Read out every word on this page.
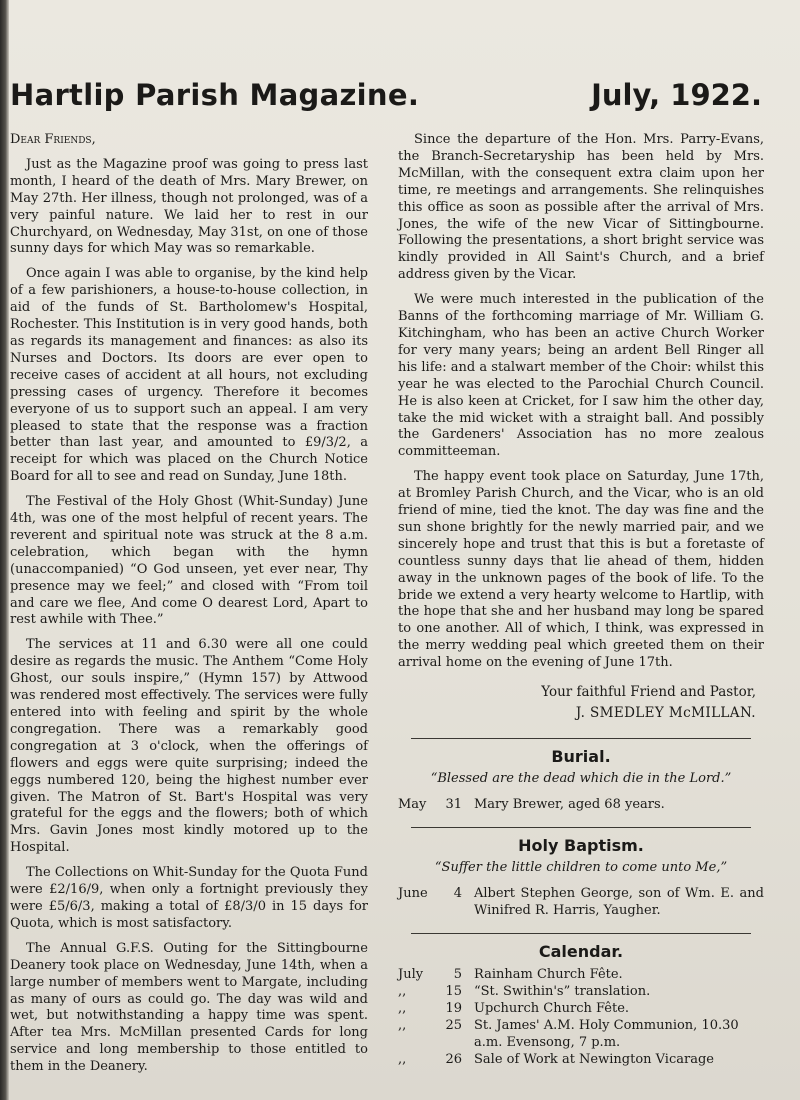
Hartlip Parish Magazine.	July, 1922.

Dear Friends,

Just as the Magazine proof was going to press last month, I heard of the death of Mrs. Mary Brewer, on May 27th. Her illness, though not prolonged, was of a very painful nature. We laid her to rest in our Churchyard, on Wednesday, May 31st, on one of those sunny days for which May was so remarkable.

Once again I was able to organise, by the kind help of a few parishioners, a house-to-house collection, in aid of the funds of St. Bartholomew's Hospital, Rochester. This Institution is in very good hands, both as regards its management and finances: as also its Nurses and Doctors. Its doors are ever open to receive cases of accident at all hours, not excluding pressing cases of urgency. Therefore it becomes everyone of us to support such an appeal. I am very pleased to state that the response was a fraction better than last year, and amounted to £9/3/2, a receipt for which was placed on the Church Notice Board for all to see and read on Sunday, June 18th.

The Festival of the Holy Ghost (Whit-Sunday) June 4th, was one of the most helpful of recent years. The reverent and spiritual note was struck at the 8 a.m. celebration, which began with the hymn (unaccompanied) “O God unseen, yet ever near, Thy presence may we feel;” and closed with “From toil and care we flee, And come O dearest Lord, Apart to rest awhile with Thee.”

The services at 11 and 6.30 were all one could desire as regards the music. The Anthem “Come Holy Ghost, our souls inspire,” (Hymn 157) by Attwood was rendered most effectively. The services were fully entered into with feeling and spirit by the whole congregation. There was a remarkably good congregation at 3 o'clock, when the offerings of flowers and eggs were quite surprising; indeed the eggs numbered 120, being the highest number ever given. The Matron of St. Bart's Hospital was very grateful for the eggs and the flowers; both of which Mrs. Gavin Jones most kindly motored up to the Hospital.

The Collections on Whit-Sunday for the Quota Fund were £2/16/9, when only a fortnight previously they were £5/6/3, making a total of £8/3/0 in 15 days for Quota, which is most satisfactory.

The Annual G.F.S. Outing for the Sittingbourne Deanery took place on Wednesday, June 14th, when a large number of members went to Margate, including as many of ours as could go. The day was wild and wet, but notwithstanding a happy time was spent. After tea Mrs. McMillan presented Cards for long service and long membership to those entitled to them in the Deanery.

Since the departure of the Hon. Mrs. Parry-Evans, the Branch-Secretaryship has been held by Mrs. McMillan, with the consequent extra claim upon her time, re meetings and arrangements. She relinquishes this office as soon as possible after the arrival of Mrs. Jones, the wife of the new Vicar of Sittingbourne. Following the presentations, a short bright service was kindly provided in All Saint's Church, and a brief address given by the Vicar.

We were much interested in the publication of the Banns of the forthcoming marriage of Mr. William G. Kitchingham, who has been an active Church Worker for very many years; being an ardent Bell Ringer all his life: and a stalwart member of the Choir: whilst this year he was elected to the Parochial Church Council. He is also keen at Cricket, for I saw him the other day, take the mid wicket with a straight ball. And possibly the Gardeners' Association has no more zealous committeeman.

The happy event took place on Saturday, June 17th, at Bromley Parish Church, and the Vicar, who is an old friend of mine, tied the knot. The day was fine and the sun shone brightly for the newly married pair, and we sincerely hope and trust that this is but a foretaste of countless sunny days that lie ahead of them, hidden away in the unknown pages of the book of life. To the bride we extend a very hearty welcome to Hartlip, with the hope that she and her husband may long be spared to one another. All of which, I think, was expressed in the merry wedding peal which greeted them on their arrival home on the evening of June 17th.

Your faithful Friend and Pastor,
J. SMEDLEY McMILLAN.
Burial.

“Blessed are the dead which die in the Lord.”

May	31 Mary Brewer, aged 68 years.
Holy Baptism.

“Suffer the little children to come unto Me,”

June	4 Albert Stephen George, son of Wm. E. and Winifred R. Harris, Yaugher.
Calendar.
July	5 Rainham Church Fête.
,,	15 “St. Swithin's” translation.
,,	19 Upchurch Church Fête.
,,	25 St. James' A.M. Holy Communion, 10.30 a.m. Evensong, 7 p.m.
,,	26 Sale of Work at Newington Vicarage
